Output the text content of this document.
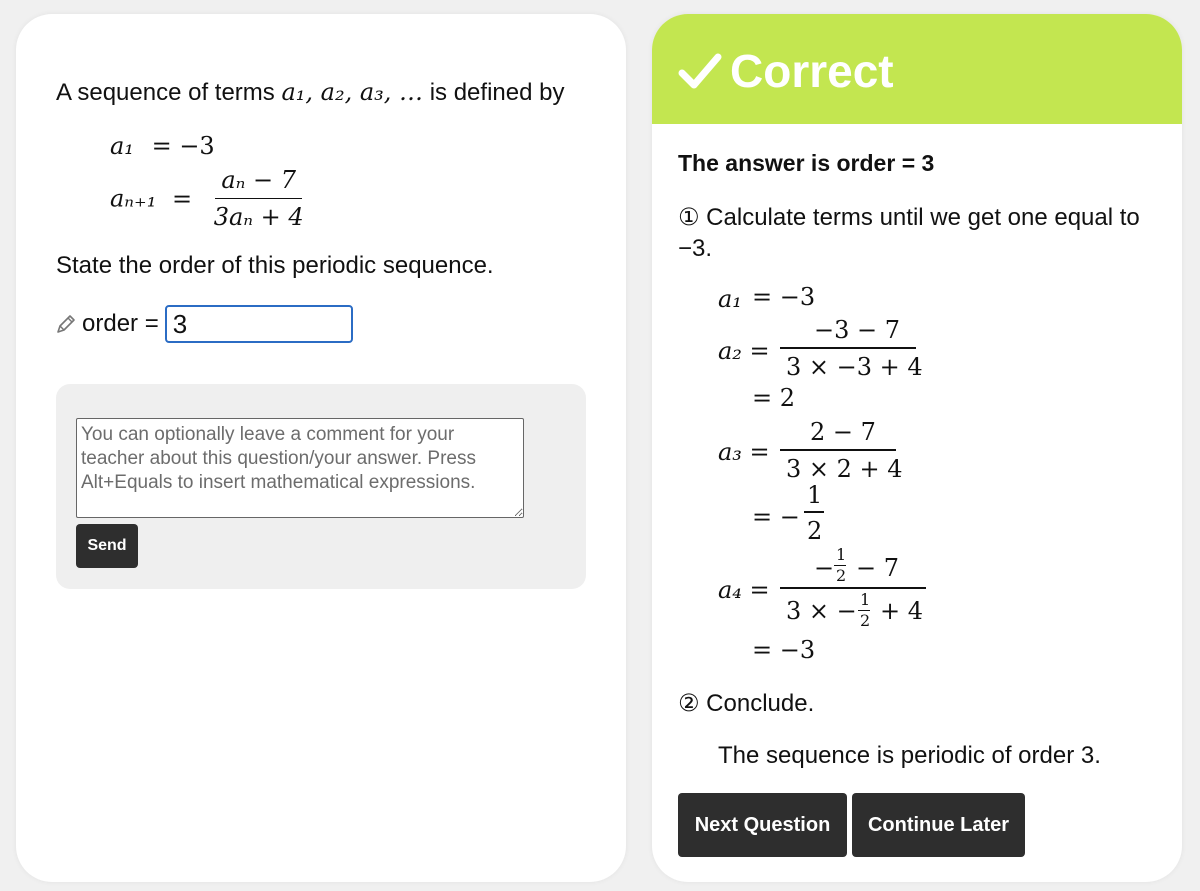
A sequence of terms a₁, a₂, a₃, … is defined by
a₁ = −3
$a_{n+1} = \frac{\text{aₙ − 7}}{\text{3aₙ + 4}}$
State the order of this periodic sequence.
order =
3
You can optionally leave a comment for your teacher about this question/your answer. Press Alt+Equals to insert mathematical expressions.
Send
Correct
The answer is order = 3
① Calculate terms until we get one equal to −3.
a₁ = −3
a₂ =
−3 − 7
3 × −3 + 4
= 2
a₃ =
2 − 7
3 × 2 + 4
= −
1
2
a₄ =
− 1
2 − 7
3 × − 1
2 + 4
= −3
② Conclude.
The sequence is periodic of order 3.
Next Question	Continue Later
